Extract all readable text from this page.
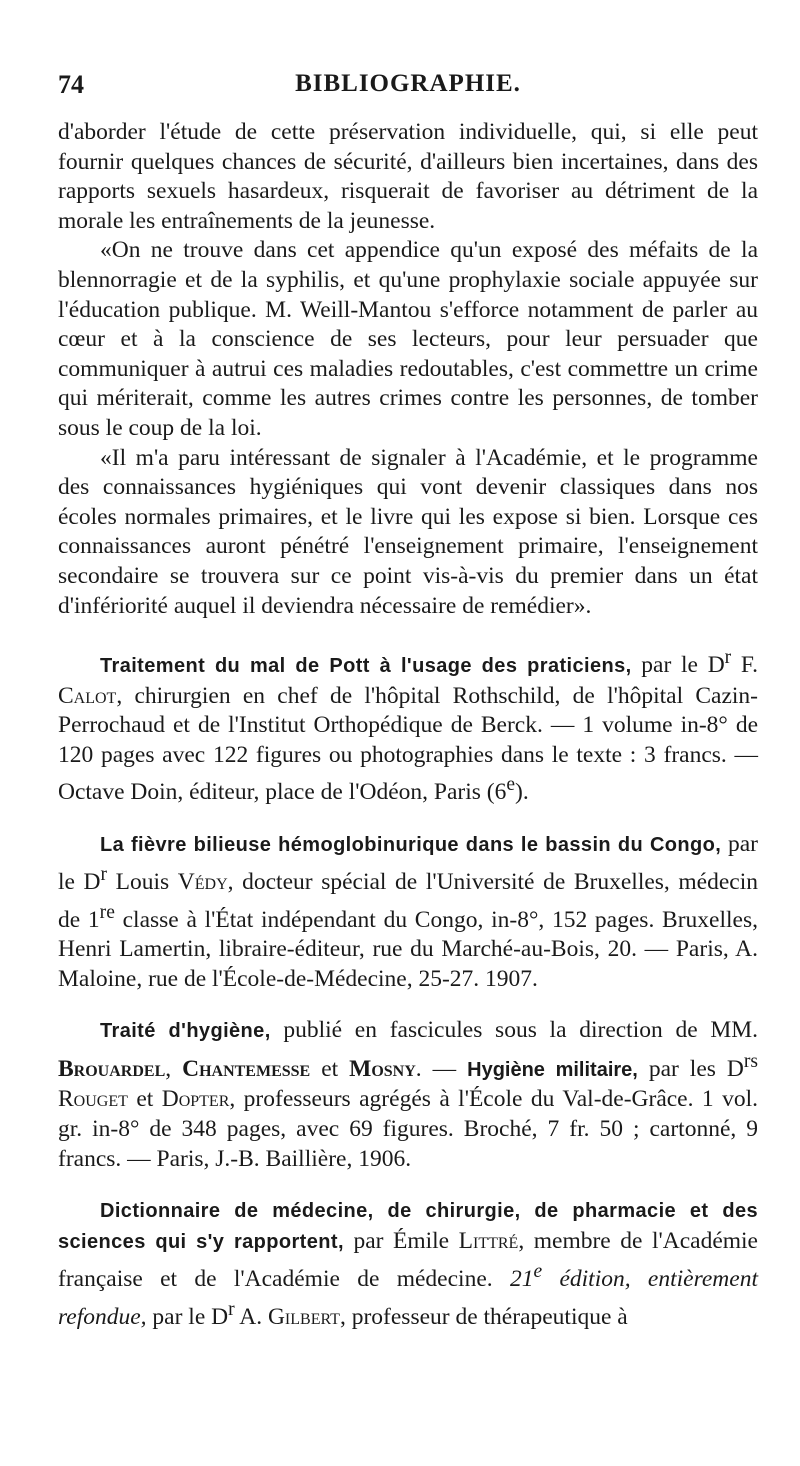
74	BIBLIOGRAPHIE.

d'aborder l'étude de cette préservation individuelle, qui, si elle peut fournir quelques chances de sécurité, d'ailleurs bien incertaines, dans des rapports sexuels hasardeux, risquerait de favoriser au détriment de la morale les entraînements de la jeunesse.

«On ne trouve dans cet appendice qu'un exposé des méfaits de la blennorragie et de la syphilis, et qu'une prophylaxie sociale appuyée sur l'éducation publique. M. Weill-Mantou s'efforce notamment de parler au cœur et à la conscience de ses lecteurs, pour leur persuader que communiquer à autrui ces maladies redoutables, c'est commettre un crime qui mériterait, comme les autres crimes contre les personnes, de tomber sous le coup de la loi.

«Il m'a paru intéressant de signaler à l'Académie, et le programme des connaissances hygiéniques qui vont devenir classiques dans nos écoles normales primaires, et le livre qui les expose si bien. Lorsque ces connaissances auront pénétré l'enseignement primaire, l'enseignement secondaire se trouvera sur ce point vis-à-vis du premier dans un état d'infériorité auquel il deviendra nécessaire de remédier».

Traitement du mal de Pott à l'usage des praticiens, par le $D^r$ F. Calot, chirurgien en chef de l'hôpital Rothschild, de l'hôpital Cazin-Perrochaud et de l'Institut Orthopédique de Berck. — 1 volume in-8° de 120 pages avec 122 figures ou photographies dans le texte : 3 francs. — Octave Doin, éditeur, place de l'Odéon, Paris (6e).

La fièvre bilieuse hémoglobinurique dans le bassin du Congo, par le $D^r$ Louis Védy, docteur spécial de l'Université de Bruxelles, médecin de 1re classe à l'État indépendant du Congo, in-8°, 152 pages. Bruxelles, Henri Lamertin, libraire-éditeur, rue du Marché-au-Bois, 20. — Paris, A. Maloine, rue de l'École-de-Médecine, 25-27. 1907.

Traité d'hygiène, publié en fascicules sous la direction de MM. Brouardel, Chantemesse et Mosny. — Hygiène militaire, par les $D^{rs}$ Rouget et Dopter, professeurs agrégés à l'École du Val-de-Grâce. 1 vol. gr. in-8° de 348 pages, avec 69 figures. Broché, 7 fr. 50 ; cartonné, 9 francs. — Paris, J.-B. Baillière, 1906.

Dictionnaire de médecine, de chirurgie, de pharmacie et des sciences qui s'y rapportent, par Émile Littré, membre de l'Académie française et de l'Académie de médecine. 21e édition, entièrement refondue, par le $D^r$ A. Gilbert, professeur de thérapeutique à
